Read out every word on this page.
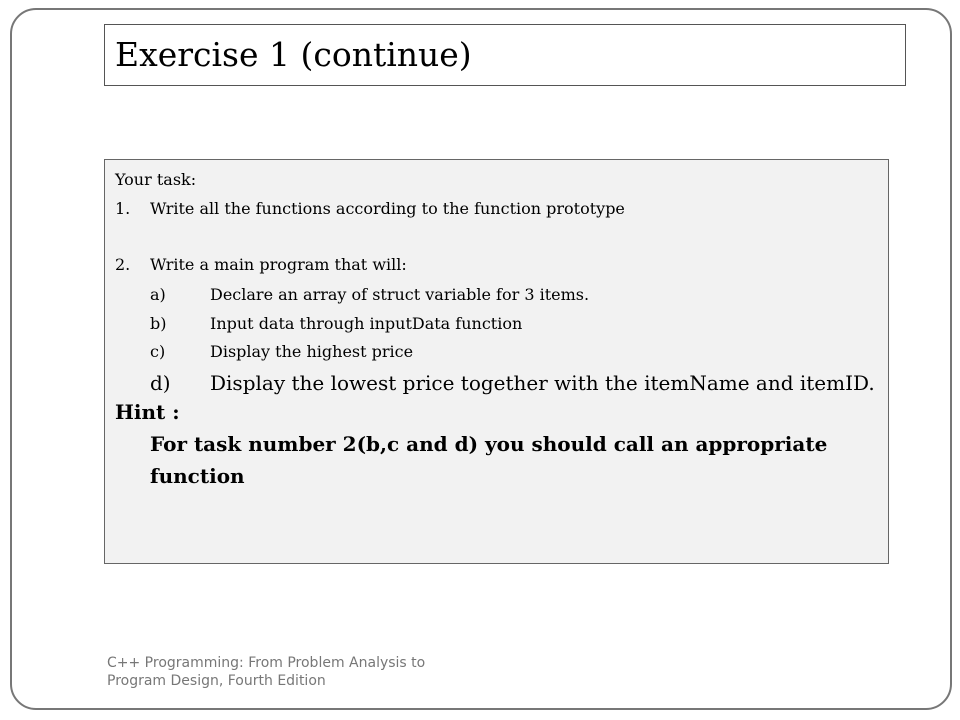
Exercise 1 (continue)
Your task:
1. Write all the functions according to the function prototype
2. Write a main program that will:
a)	Declare an array of struct variable for 3 items.
b)	Input data through inputData function
c)	Display the highest price
d) Display the lowest price together with the itemName and itemID.
Hint :
For task number 2(b,c and d) you should call an appropriate
function
C++ Programming: From Problem Analysis to
Program Design, Fourth Edition
